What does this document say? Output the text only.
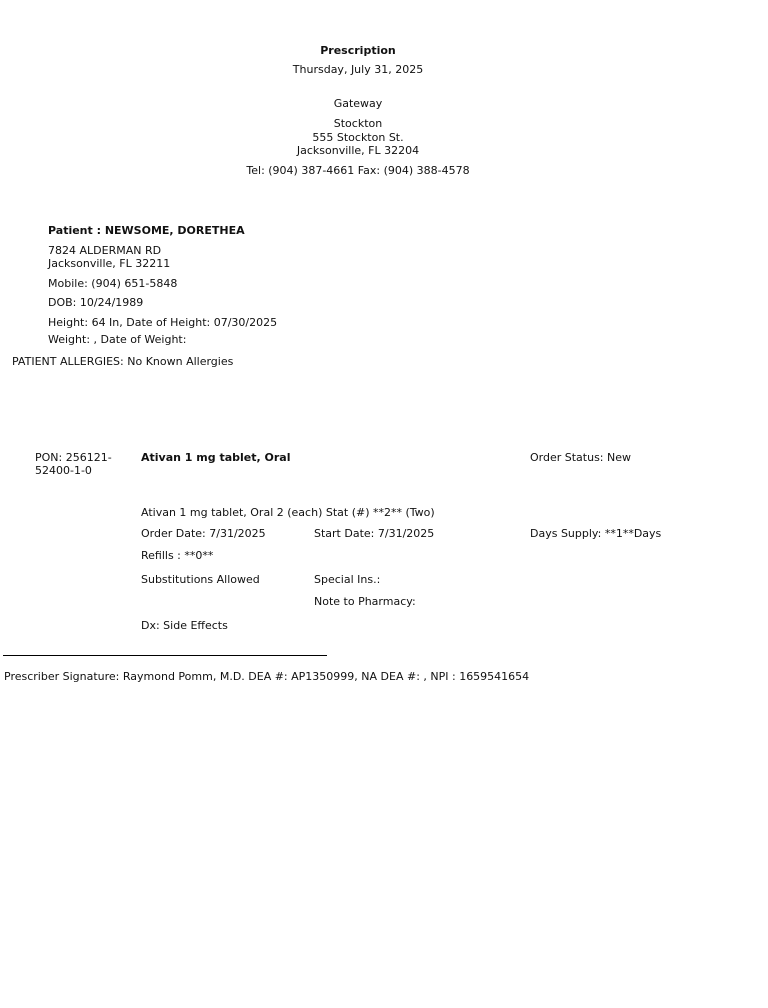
Prescription
Thursday, July 31, 2025
Gateway
Stockton
555 Stockton St.
Jacksonville, FL 32204
Tel: (904) 387-4661 Fax: (904) 388-4578
Patient : NEWSOME, DORETHEA
7824 ALDERMAN RD
Jacksonville, FL 32211
Mobile: (904) 651-5848
DOB: 10/24/1989
Height: 64 In, Date of Height: 07/30/2025
Weight: , Date of Weight:
PATIENT ALLERGIES: No Known Allergies
PON: 256121-
52400-1-0
Ativan 1 mg tablet, Oral	Order Status: New
Ativan 1 mg tablet, Oral 2 (each) Stat (#) **2** (Two)
Order Date: 7/31/2025	Start Date: 7/31/2025	Days Supply: **1**Days
Refills : **0**
Substitutions Allowed	Special Ins.:
Note to Pharmacy:
Dx: Side Effects
Prescriber Signature: Raymond Pomm, M.D. DEA #: AP1350999, NA DEA #: , NPI : 1659541654
